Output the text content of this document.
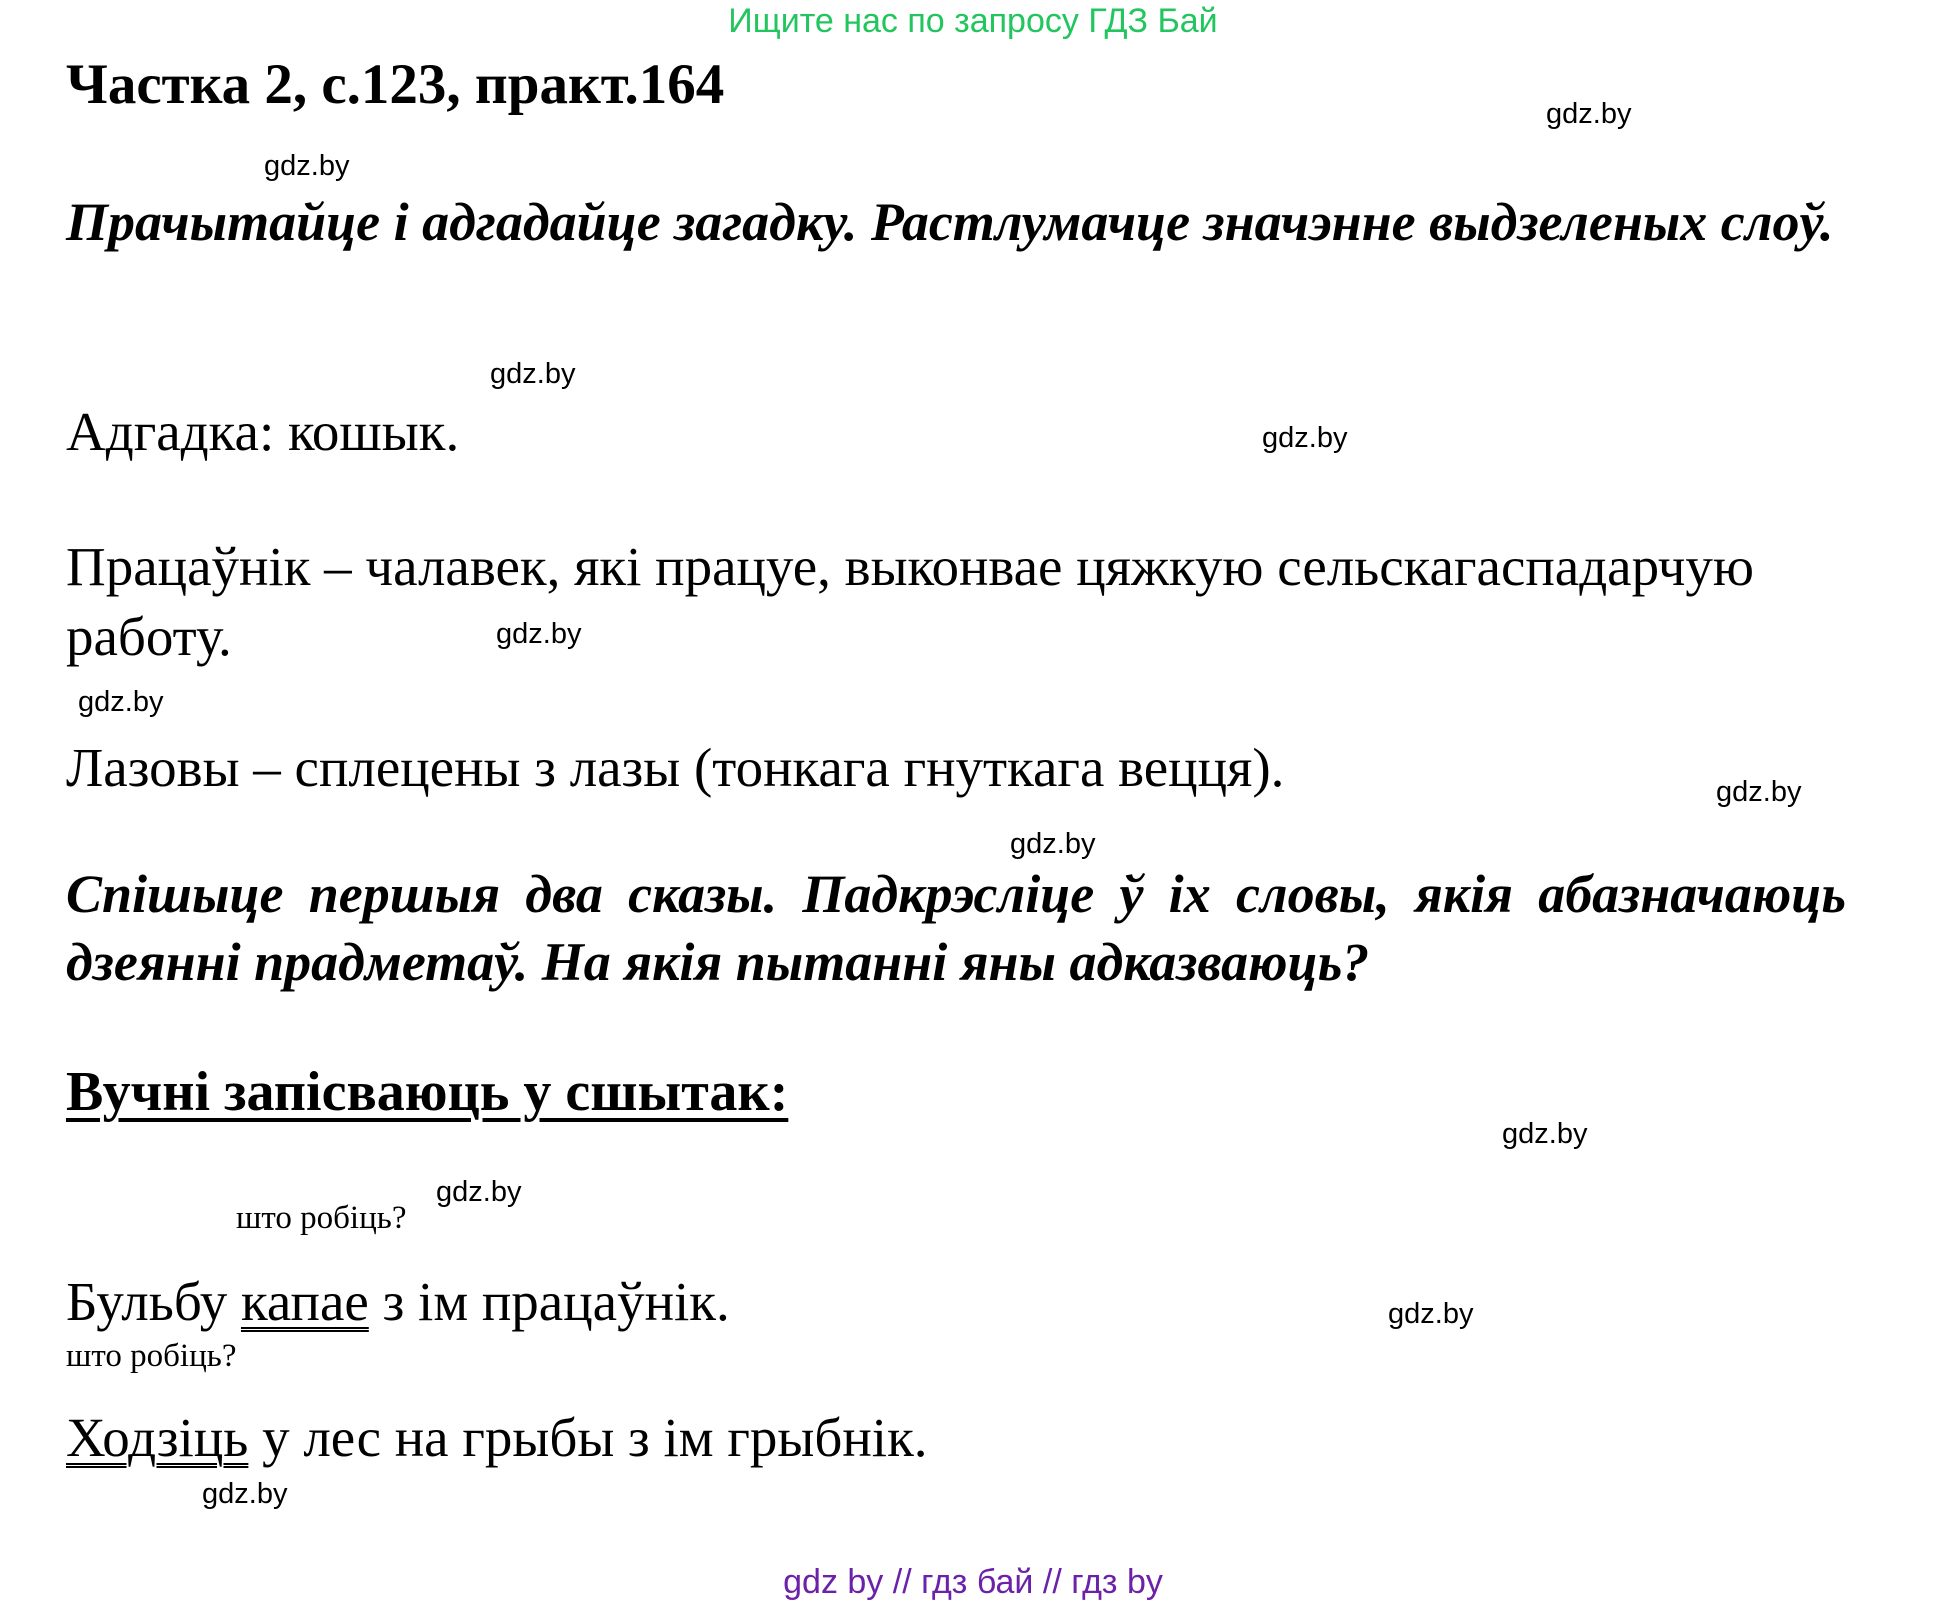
Ищите нас по запросу ГДЗ Бай
Частка 2, с.123, практ.164
Прачытайце і адгадайце загадку. Растлумачце значэнне выдзеленых слоў.
Адгадка: кошык.
Працаўнік – чалавек, які працуе, выконвае цяжкую сельскагаспадарчую работу.
Лазовы – сплецены з лазы (тонкага гнуткага вецця).
Спішыце першыя два сказы. Падкрэсліце ў іх словы, якія абазначаюць дзеянні прадметаў. На якія пытанні яны адказваюць?
Вучні запісваюць у сшытак:
што робіць?
Бульбу капае з ім працаўнік.
што робіць?
Ходзіць у лес на грыбы з ім грыбнік.
gdz.by
gdz.by
gdz.by
gdz.by
gdz.by
gdz.by
gdz.by
gdz.by
gdz.by
gdz.by
gdz.by
gdz.by
gdz by // гдз бай // гдз by
